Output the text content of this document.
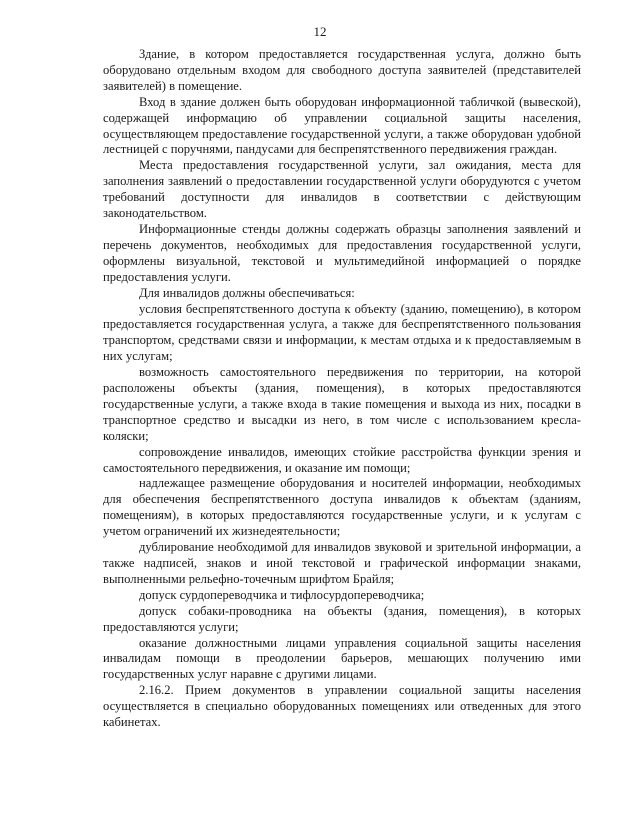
12

Здание, в котором предоставляется государственная услуга, должно быть оборудовано отдельным входом для свободного доступа заявителей (представителей заявителей) в помещение.

Вход в здание должен быть оборудован информационной табличкой (вывеской), содержащей информацию об управлении социальной защиты населения, осуществляющем предоставление государственной услуги, а также оборудован удобной лестницей с поручнями, пандусами для беспрепятственного передвижения граждан.

Места предоставления государственной услуги, зал ожидания, места для заполнения заявлений о предоставлении государственной услуги оборудуются с учетом требований доступности для инвалидов в соответствии с действующим законодательством.

Информационные стенды должны содержать образцы заполнения заявлений и перечень документов, необходимых для предоставления государственной услуги, оформлены визуальной, текстовой и мультимедийной информацией о порядке предоставления услуги.

Для инвалидов должны обеспечиваться:

условия беспрепятственного доступа к объекту (зданию, помещению), в котором предоставляется государственная услуга, а также для беспрепятственного пользования транспортом, средствами связи и информации, к местам отдыха и к предоставляемым в них услугам;

возможность самостоятельного передвижения по территории, на которой расположены объекты (здания, помещения), в которых предоставляются государственные услуги, а также входа в такие помещения и выхода из них, посадки в транспортное средство и высадки из него, в том числе с использованием кресла-коляски;

сопровождение инвалидов, имеющих стойкие расстройства функции зрения и самостоятельного передвижения, и оказание им помощи;

надлежащее размещение оборудования и носителей информации, необходимых для обеспечения беспрепятственного доступа инвалидов к объектам (зданиям, помещениям), в которых предоставляются государственные услуги, и к услугам с учетом ограничений их жизнедеятельности;

дублирование необходимой для инвалидов звуковой и зрительной информации, а также надписей, знаков и иной текстовой и графической информации знаками, выполненными рельефно-точечным шрифтом Брайля;

допуск сурдопереводчика и тифлосурдопереводчика;

допуск собаки-проводника на объекты (здания, помещения), в которых предоставляются услуги;

оказание должностными лицами управления социальной защиты населения инвалидам помощи в преодолении барьеров, мешающих получению ими государственных услуг наравне с другими лицами.

2.16.2. Прием документов в управлении социальной защиты населения осуществляется в специально оборудованных помещениях или отведенных для этого кабинетах.
